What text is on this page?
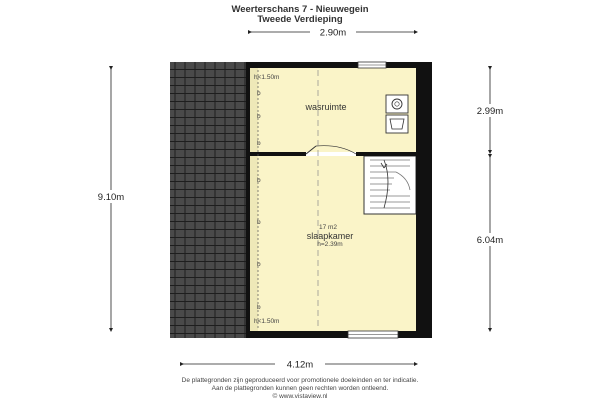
Weerterschans 7 - Nieuwegein
Tweede Verdieping
b
b
b
b
b
b
b
h<1.50m
wasruimte
17 m2
slaapkamer
h=2.39m
h<1.50m
2.90m
4.12m
9.10m
2.99m
6.04m
De plattegronden zijn geproduceerd voor promotionele doeleinden en ter indicatie.
Aan de plattegronden kunnen geen rechten worden ontleend.
© www.vistaview.nl
